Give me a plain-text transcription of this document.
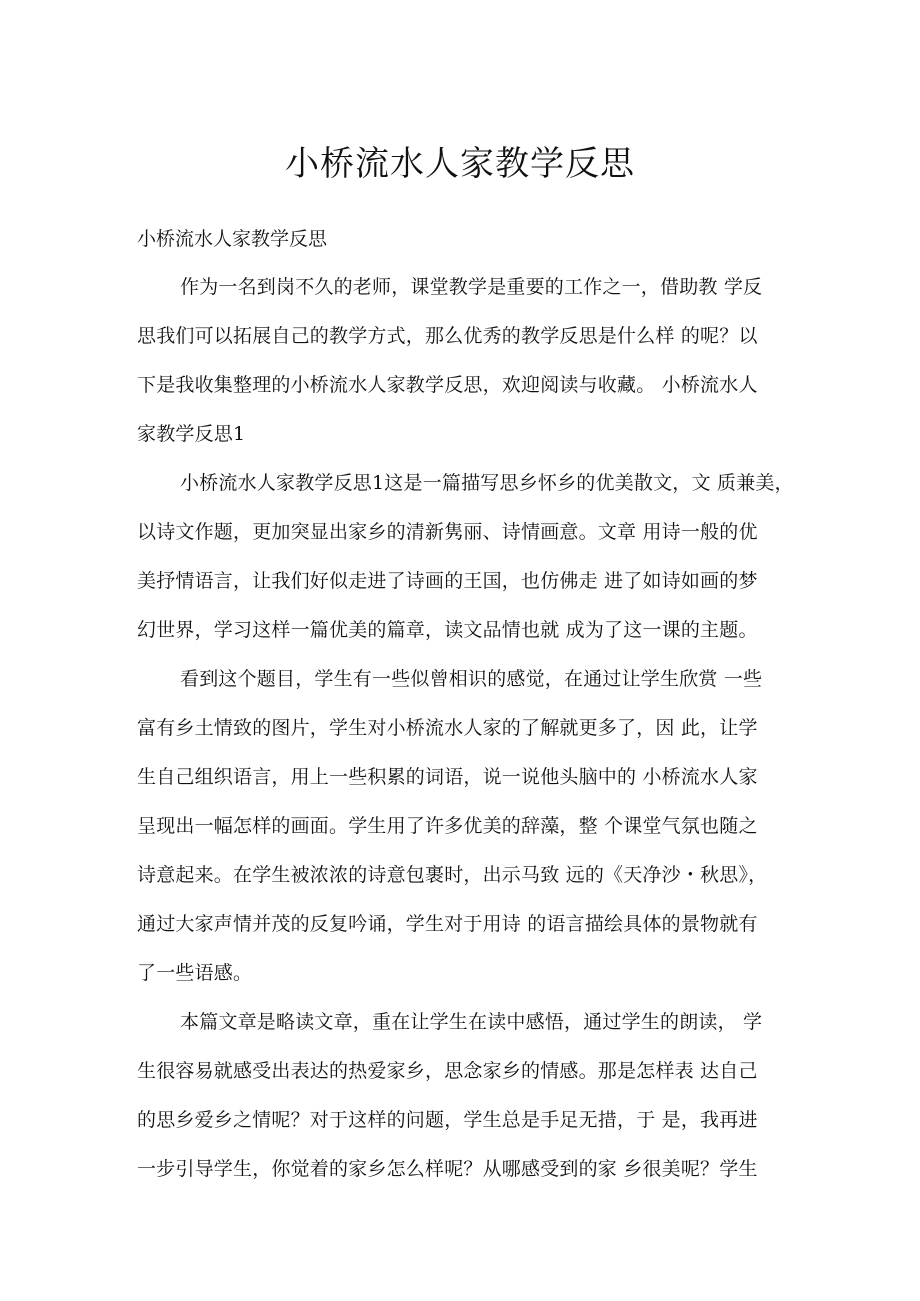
小桥流水人家教学反思

小桥流水人家教学反思

作为一名到岗不久的老师，课堂教学是重要的工作之一，借助教 学反

思我们可以拓展自己的教学方式，那么优秀的教学反思是什么样 的呢？以

下是我收集整理的小桥流水人家教学反思，欢迎阅读与收藏。 小桥流水人

家教学反思1

小桥流水人家教学反思1这是一篇描写思乡怀乡的优美散文，文 质兼美，

以诗文作题，更加突显出家乡的清新隽丽、诗情画意。文章 用诗一般的优

美抒情语言，让我们好似走进了诗画的王国，也仿佛走 进了如诗如画的梦

幻世界，学习这样一篇优美的篇章，读文品情也就 成为了这一课的主题。

看到这个题目，学生有一些似曾相识的感觉，在通过让学生欣赏 一些

富有乡土情致的图片，学生对小桥流水人家的了解就更多了，因 此，让学

生自己组织语言，用上一些积累的词语，说一说他头脑中的 小桥流水人家

呈现出一幅怎样的画面。学生用了许多优美的辞藻，整 个课堂气氛也随之

诗意起来。在学生被浓浓的诗意包裹时，出示马致 远的《天净沙・秋思》，

通过大家声情并茂的反复吟诵，学生对于用诗 的语言描绘具体的景物就有

了一些语感。

本篇文章是略读文章，重在让学生在读中感悟，通过学生的朗读， 学

生很容易就感受出表达的热爱家乡，思念家乡的情感。那是怎样表 达自己

的思乡爱乡之情呢？对于这样的问题，学生总是手足无措，于 是，我再进

一步引导学生，你觉着的家乡怎么样呢？从哪感受到的家 乡很美呢？学生
